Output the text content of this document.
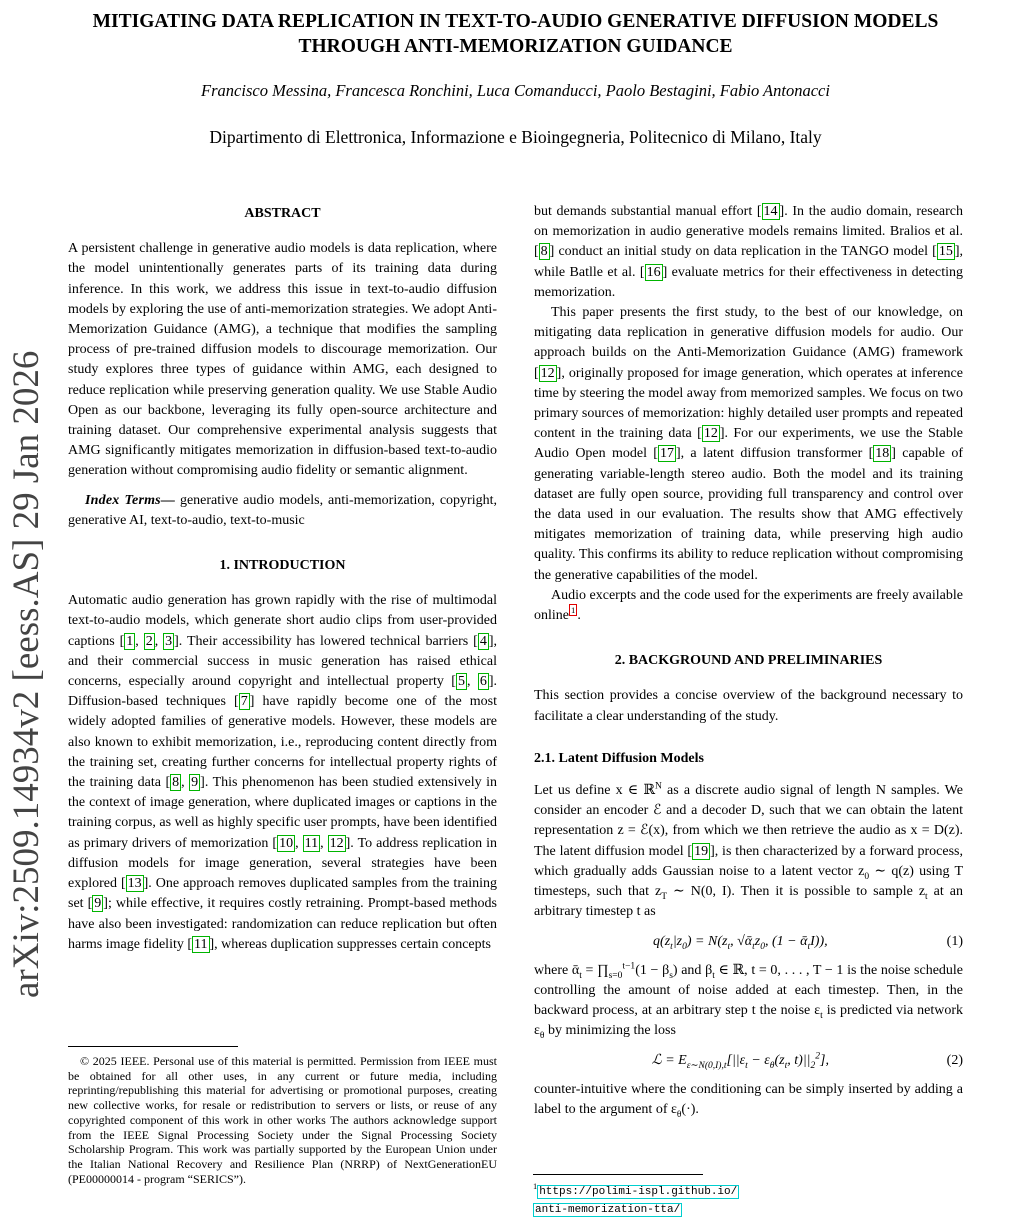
arXiv:2509.14934v2 [eess.AS] 29 Jan 2026
MITIGATING DATA REPLICATION IN TEXT-TO-AUDIO GENERATIVE DIFFUSION MODELS THROUGH ANTI-MEMORIZATION GUIDANCE
Francisco Messina, Francesca Ronchini, Luca Comanducci, Paolo Bestagini, Fabio Antonacci
Dipartimento di Elettronica, Informazione e Bioingegneria, Politecnico di Milano, Italy
ABSTRACT

A persistent challenge in generative audio models is data replication, where the model unintentionally generates parts of its training data during inference. In this work, we address this issue in text-to-audio diffusion models by exploring the use of anti-memorization strategies. We adopt Anti-Memorization Guidance (AMG), a technique that modifies the sampling process of pre-trained diffusion models to discourage memorization. Our study explores three types of guidance within AMG, each designed to reduce replication while preserving generation quality. We use Stable Audio Open as our backbone, leveraging its fully open-source architecture and training dataset. Our comprehensive experimental analysis suggests that AMG significantly mitigates memorization in diffusion-based text-to-audio generation without compromising audio fidelity or semantic alignment.

Index Terms— generative audio models, anti-memorization, copyright, generative AI, text-to-audio, text-to-music

1. INTRODUCTION

Automatic audio generation has grown rapidly with the rise of multimodal text-to-audio models, which generate short audio clips from user-provided captions [ 1 , 2 , 3 ]. Their accessibility has lowered technical barriers [ 4 ], and their commercial success in music generation has raised ethical concerns, especially around copyright and intellectual property [ 5 , 6 ]. Diffusion-based techniques [ 7 ] have rapidly become one of the most widely adopted families of generative models. However, these models are also known to exhibit memorization, i.e., reproducing content directly from the training set, creating further concerns for intellectual property rights of the training data [ 8 , 9 ]. This phenomenon has been studied extensively in the context of image generation, where duplicated images or captions in the training corpus, as well as highly specific user prompts, have been identified as primary drivers of memorization [ 10 , 11 , 12 ]. To address replication in diffusion models for image generation, several strategies have been explored [ 13 ]. One approach removes duplicated samples from the training set [ 9 ]; while effective, it requires costly retraining. Prompt-based methods have also been investigated: randomization can reduce replication but often harms image fidelity [ 11 ], whereas duplication suppresses certain concepts

but demands substantial manual effort [ 14 ]. In the audio domain, research on memorization in audio generative models remains limited. Bralios et al. [ 8 ] conduct an initial study on data replication in the TANGO model [ 15 ], while Batlle et al. [ 16 ] evaluate metrics for their effectiveness in detecting memorization.

This paper presents the first study, to the best of our knowledge, on mitigating data replication in generative diffusion models for audio. Our approach builds on the Anti-Memorization Guidance (AMG) framework [ 12 ], originally proposed for image generation, which operates at inference time by steering the model away from memorized samples. We focus on two primary sources of memorization: highly detailed user prompts and repeated content in the training data [ 12 ]. For our experiments, we use the Stable Audio Open model [ 17 ], a latent diffusion transformer [ 18 ] capable of generating variable-length stereo audio. Both the model and its training dataset are fully open source, providing full transparency and control over the data used in our evaluation. The results show that AMG effectively mitigates memorization of training data, while preserving high audio quality. This confirms its ability to reduce replication without compromising the generative capabilities of the model.

Audio excerpts and the code used for the experiments are freely available online $^1$ .

2. BACKGROUND AND PRELIMINARIES

This section provides a concise overview of the background necessary to facilitate a clear understanding of the study.

2.1. Latent Diffusion Models

Let us define x ∈ ℝ$^N$ as a discrete audio signal of length N samples. We consider an encoder ℰ and a decoder D, such that we can obtain the latent representation z = ℰ(x), from which we then retrieve the audio as x = D(z). The latent diffusion model [ 19 ], is then characterized by a forward process, which gradually adds Gaussian noise to a latent vector $z_0$ ∼ q(z) using T timesteps, such that $z_T$ ∼ N(0, I). Then it is possible to sample $z_t$ at an arbitrary timestep t as

$q(z_t|z_0) = N(z_t$, $√ᾱ_tz_0$, (1 − ᾱ$_t$I)),	(1)

where ᾱ$_t$ = $\prod_{s=0}^{t-1}(1 - \beta_s)$ and $\beta_t$ ∈ ℝ, t = 0, . . . , T − 1 is the noise schedule controlling the amount of noise added at each timestep. Then, in the backward process, at an arbitrary step t the noise $\varepsilon_t$ is predicted via network $\varepsilon_\theta$ by minimizing the loss

ℒ = $E_{\varepsilon\sim N(0,I),t}[||\varepsilon_t - \varepsilon_\theta(z_t$, $t)||_2^2$],	(2)

counter-intuitive where the conditioning can be simply inserted by adding a label to the argument of $\varepsilon_\theta(\cdot)$.

© 2025 IEEE. Personal use of this material is permitted. Permission from IEEE must be obtained for all other uses, in any current or future media, including reprinting/republishing this material for advertising or promotional purposes, creating new collective works, for resale or redistribution to servers or lists, or reuse of any copyrighted component of this work in other works The authors acknowledge support from the IEEE Signal Processing Society under the Signal Processing Society Scholarship Program. This work was partially supported by the European Union under the Italian National Recovery and Resilience Plan (NRRP) of NextGenerationEU (PE00000014 - program “SERICS”).

$^1$ https://polimi-ispl.github.io/
anti-memorization-tta/
